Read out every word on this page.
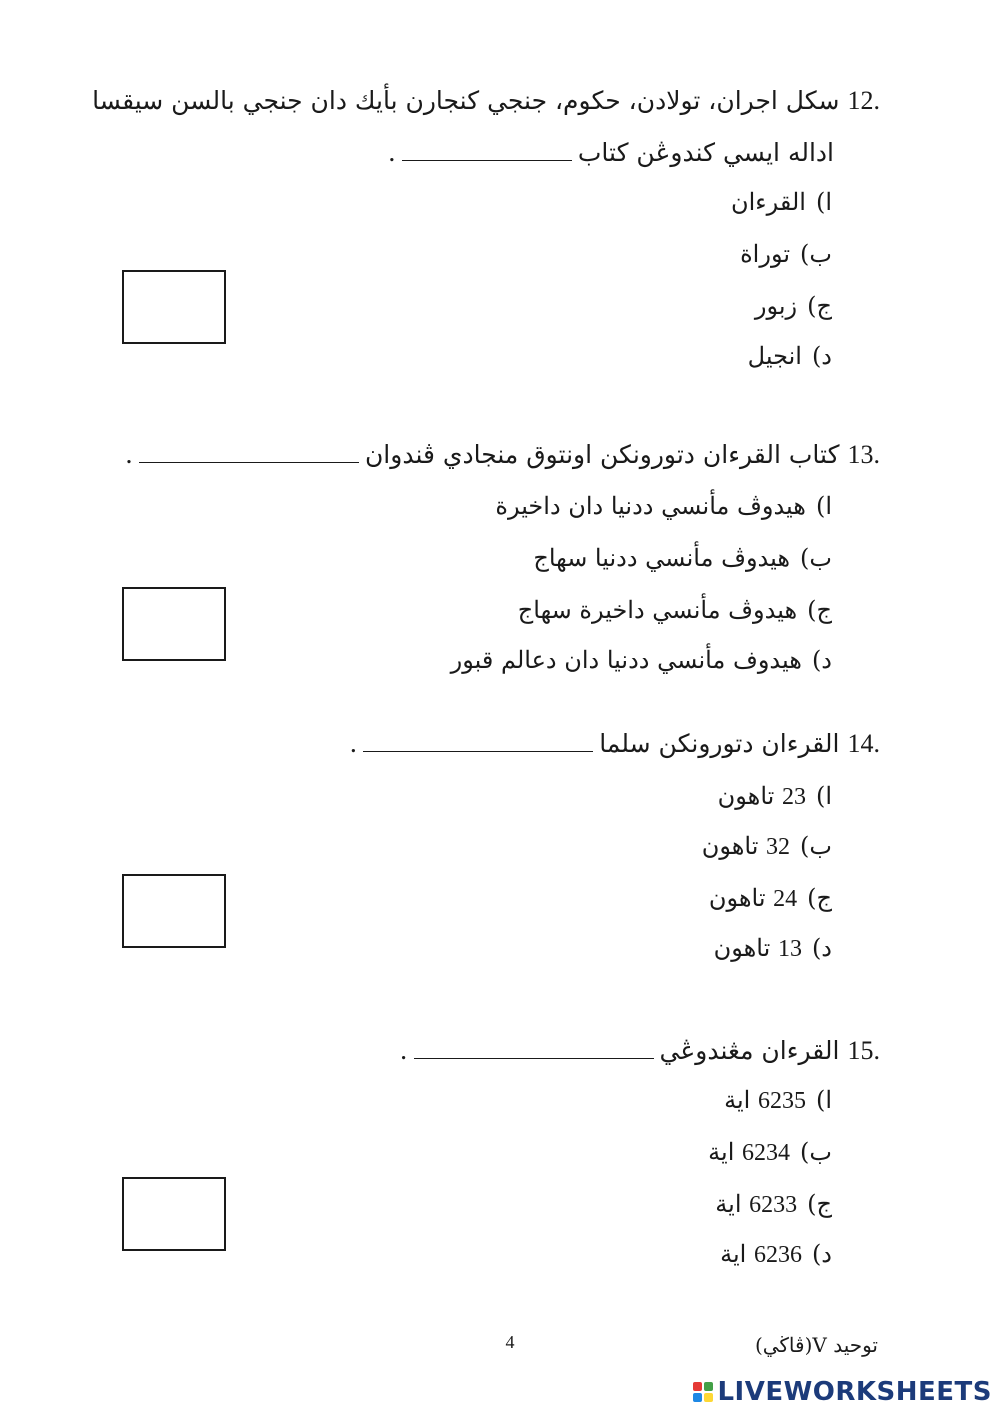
12.سكل اجران، تولادن، حكوم، جنجي كنجارن بأيك دان جنجي بالسن سيقسا
اداله ايسي كندوڠن كتاب.
ا)القرءان
ب)توراة
ج)زبور
د)انجيل
13.كتاب القرءان دتورونكن اونتوق منجادي ڤندوان.
ا)هيدوڤ مأنسي ددنيا دان داخيرة
ب)هيدوڤ مأنسي ددنيا سهاج
ج)هيدوڤ مأنسي داخيرة سهاج
د)هيدوف مأنسي ددنيا دان دعالم قبور
14.القرءان دتورونكن سلما.
ا)23 تاهون
ب)32 تاهون
ج)24 تاهون
د)13 تاهون
15.القرءان مڠندوڠي.
ا)6235 اية
ب)6234 اية
ج)6233 اية
د)6236 اية
توحيد V(ڤاڬي)
4
LIVEWORKSHEETS
